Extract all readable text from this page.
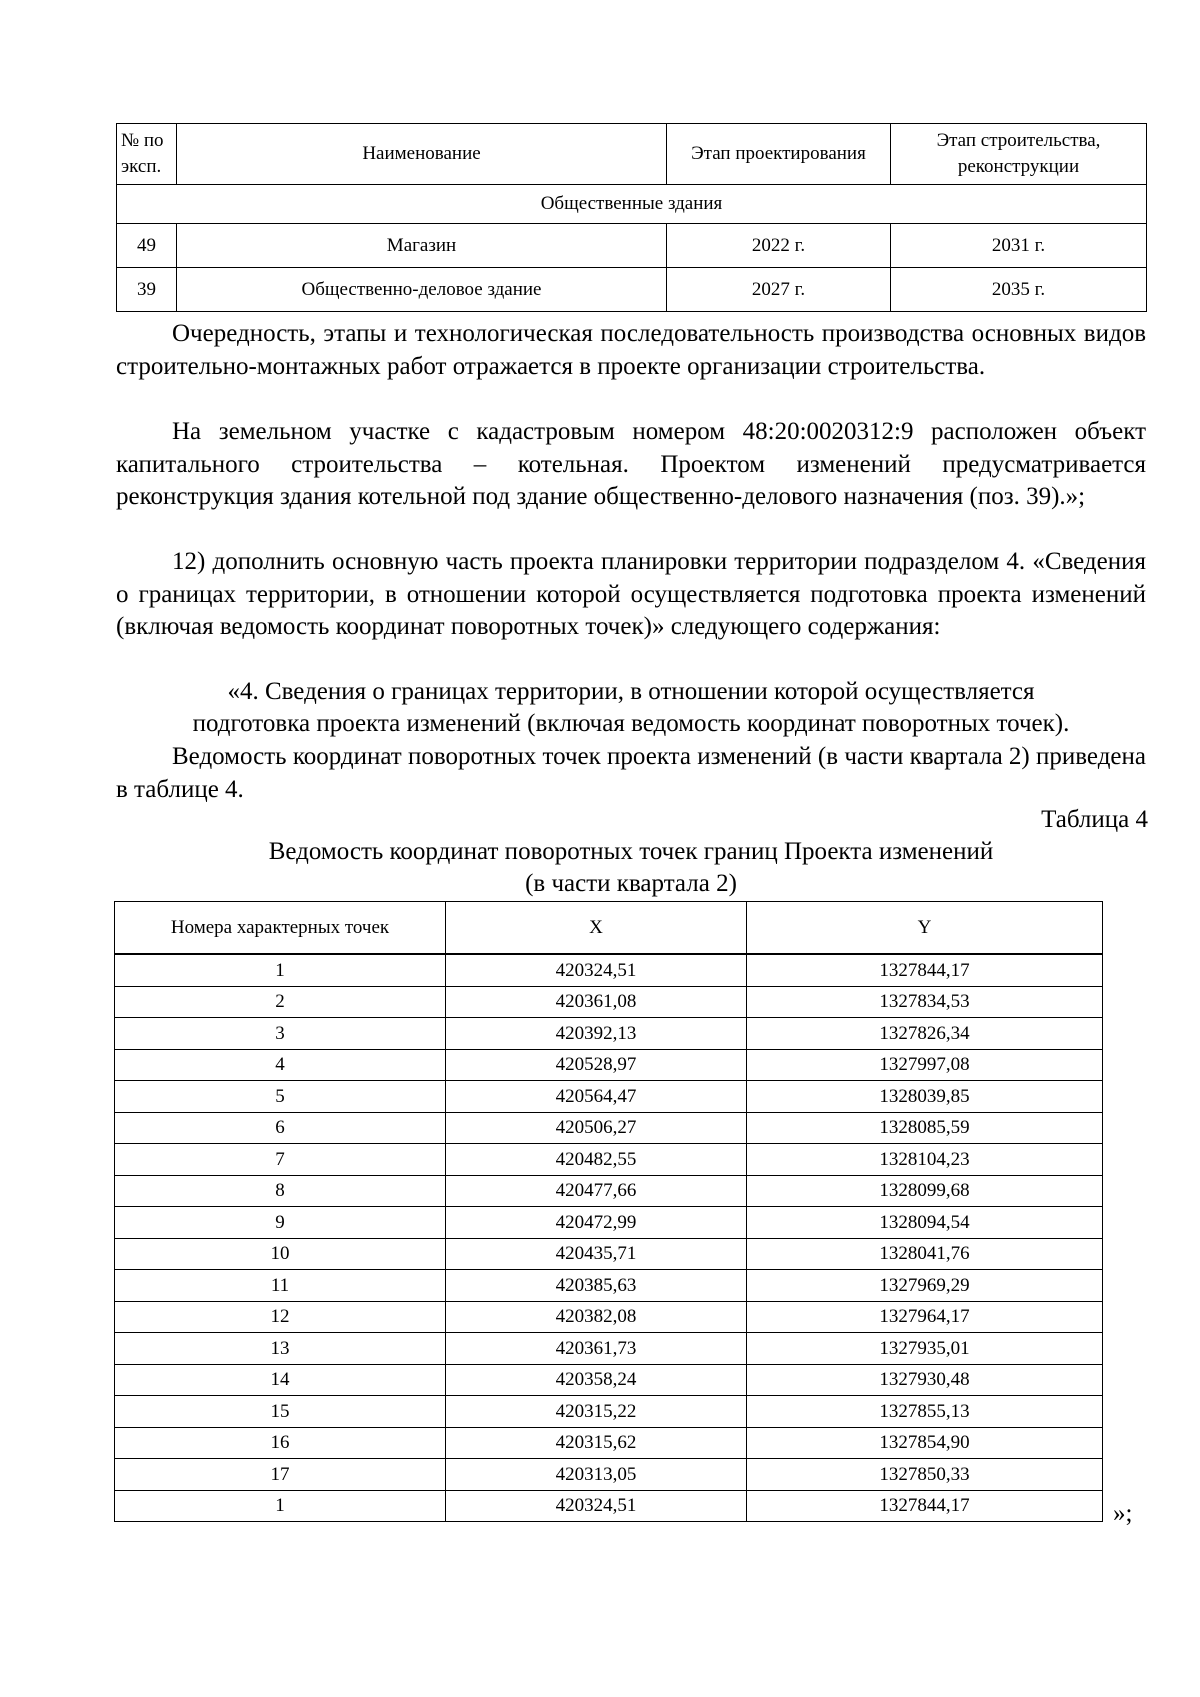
№ по эксп.	Наименование	Этап проектирования	Этап строительства, реконструкции
Общественные здания			
49	Магазин	2022 г.	2031 г.
39	Общественно-деловое здание	2027 г.	2035 г.

Очередность, этапы и технологическая последовательность производства основных видов строительно-монтажных работ отражается в проекте организации строительства.

На земельном участке с кадастровым номером 48:20:0020312:9 расположен объект капитального строительства – котельная. Проектом изменений предусматривается реконструкция здания котельной под здание общественно-делового назначения (поз. 39).»;

12) дополнить основную часть проекта планировки территории подразделом 4. «Сведения о границах территории, в отношении которой осуществляется подготовка проекта изменений (включая ведомость координат поворотных точек)» следующего содержания:

«4. Сведения о границах территории, в отношении которой осуществляется

подготовка проекта изменений (включая ведомость координат поворотных точек).

Ведомость координат поворотных точек проекта изменений (в части квартала 2) приведена в таблице 4.

Таблица 4

Ведомость координат поворотных точек границ Проекта изменений
(в части квартала 2)

Номера характерных точек	X	Y
1	420324,51	1327844,17
2	420361,08	1327834,53
3	420392,13	1327826,34
4	420528,97	1327997,08
5	420564,47	1328039,85
6	420506,27	1328085,59
7	420482,55	1328104,23
8	420477,66	1328099,68
9	420472,99	1328094,54
10	420435,71	1328041,76
11	420385,63	1327969,29
12	420382,08	1327964,17
13	420361,73	1327935,01
14	420358,24	1327930,48
15	420315,22	1327855,13
16	420315,62	1327854,90
17	420313,05	1327850,33
1	420324,51	1327844,17	»;
